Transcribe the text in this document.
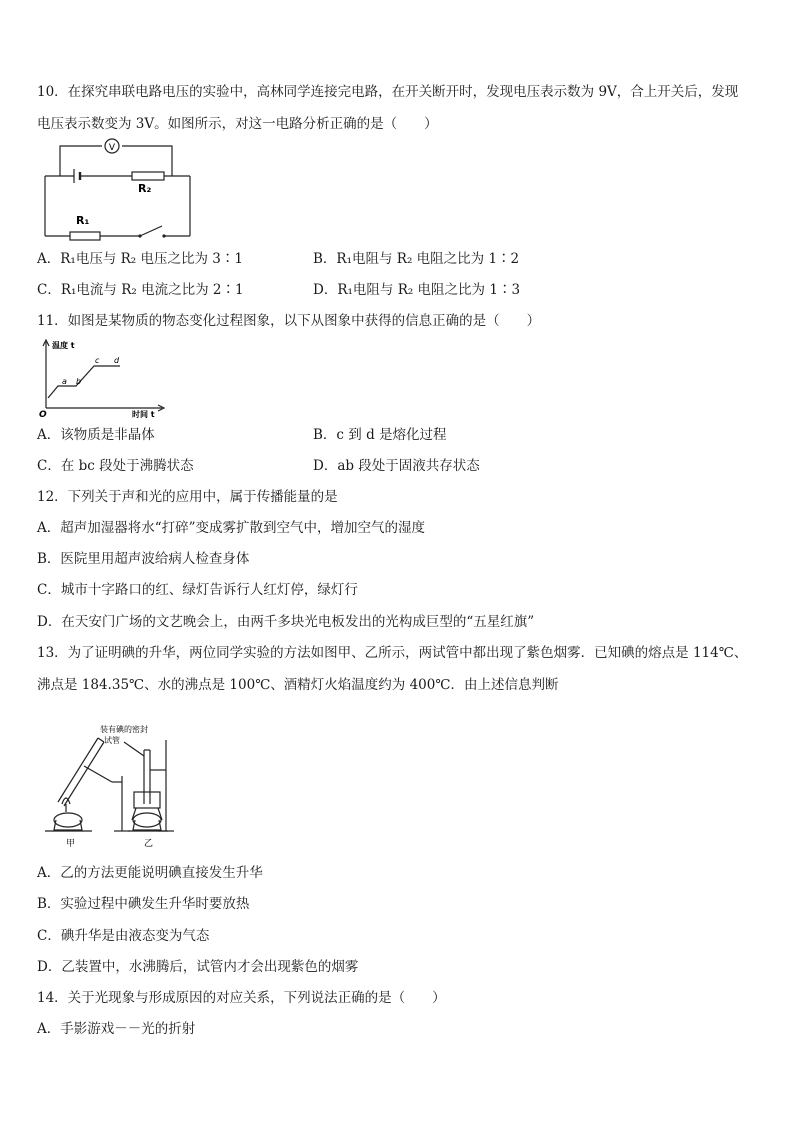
10．在探究串联电路电压的实验中，高林同学连接完电路，在开关断开时，发现电压表示数为 9V，合上开关后，发现
电压表示数变为 3V。如图所示，对这一电路分析正确的是（　　）
V
R₂
R₁
A．R₁电压与 R₂ 电压之比为 3∶1	B．R₁电阻与 R₂ 电阻之比为 1∶2
C．R₁电流与 R₂ 电流之比为 2∶1	D．R₁电阻与 R₂ 电阻之比为 1∶3
11．如图是某物质的物态变化过程图象，以下从图象中获得的信息正确的是（　　）
温度 t
时间 t
O
a b
c d
A．该物质是非晶体	B．c 到 d 是熔化过程
C．在 bc 段处于沸腾状态	D．ab 段处于固液共存状态
12．下列关于声和光的应用中，属于传播能量的是
A．超声加湿器将水“打碎”变成雾扩散到空气中，增加空气的湿度
B．医院里用超声波给病人检查身体
C．城市十字路口的红、绿灯告诉行人红灯停，绿灯行
D．在天安门广场的文艺晚会上，由两千多块光电板发出的光构成巨型的“五星红旗”
13．为了证明碘的升华，两位同学实验的方法如图甲、乙所示，两试管中都出现了紫色烟雾．已知碘的熔点是 114℃、
沸点是 184.35℃、水的沸点是 100℃、酒精灯火焰温度约为 400℃．由上述信息判断
装有碘的密封
试管
甲	乙
A．乙的方法更能说明碘直接发生升华
B．实验过程中碘发生升华时要放热
C．碘升华是由液态变为气态
D．乙装置中，水沸腾后，试管内才会出现紫色的烟雾
14．关于光现象与形成原因的对应关系，下列说法正确的是（　　）
A．手影游戏－－光的折射
